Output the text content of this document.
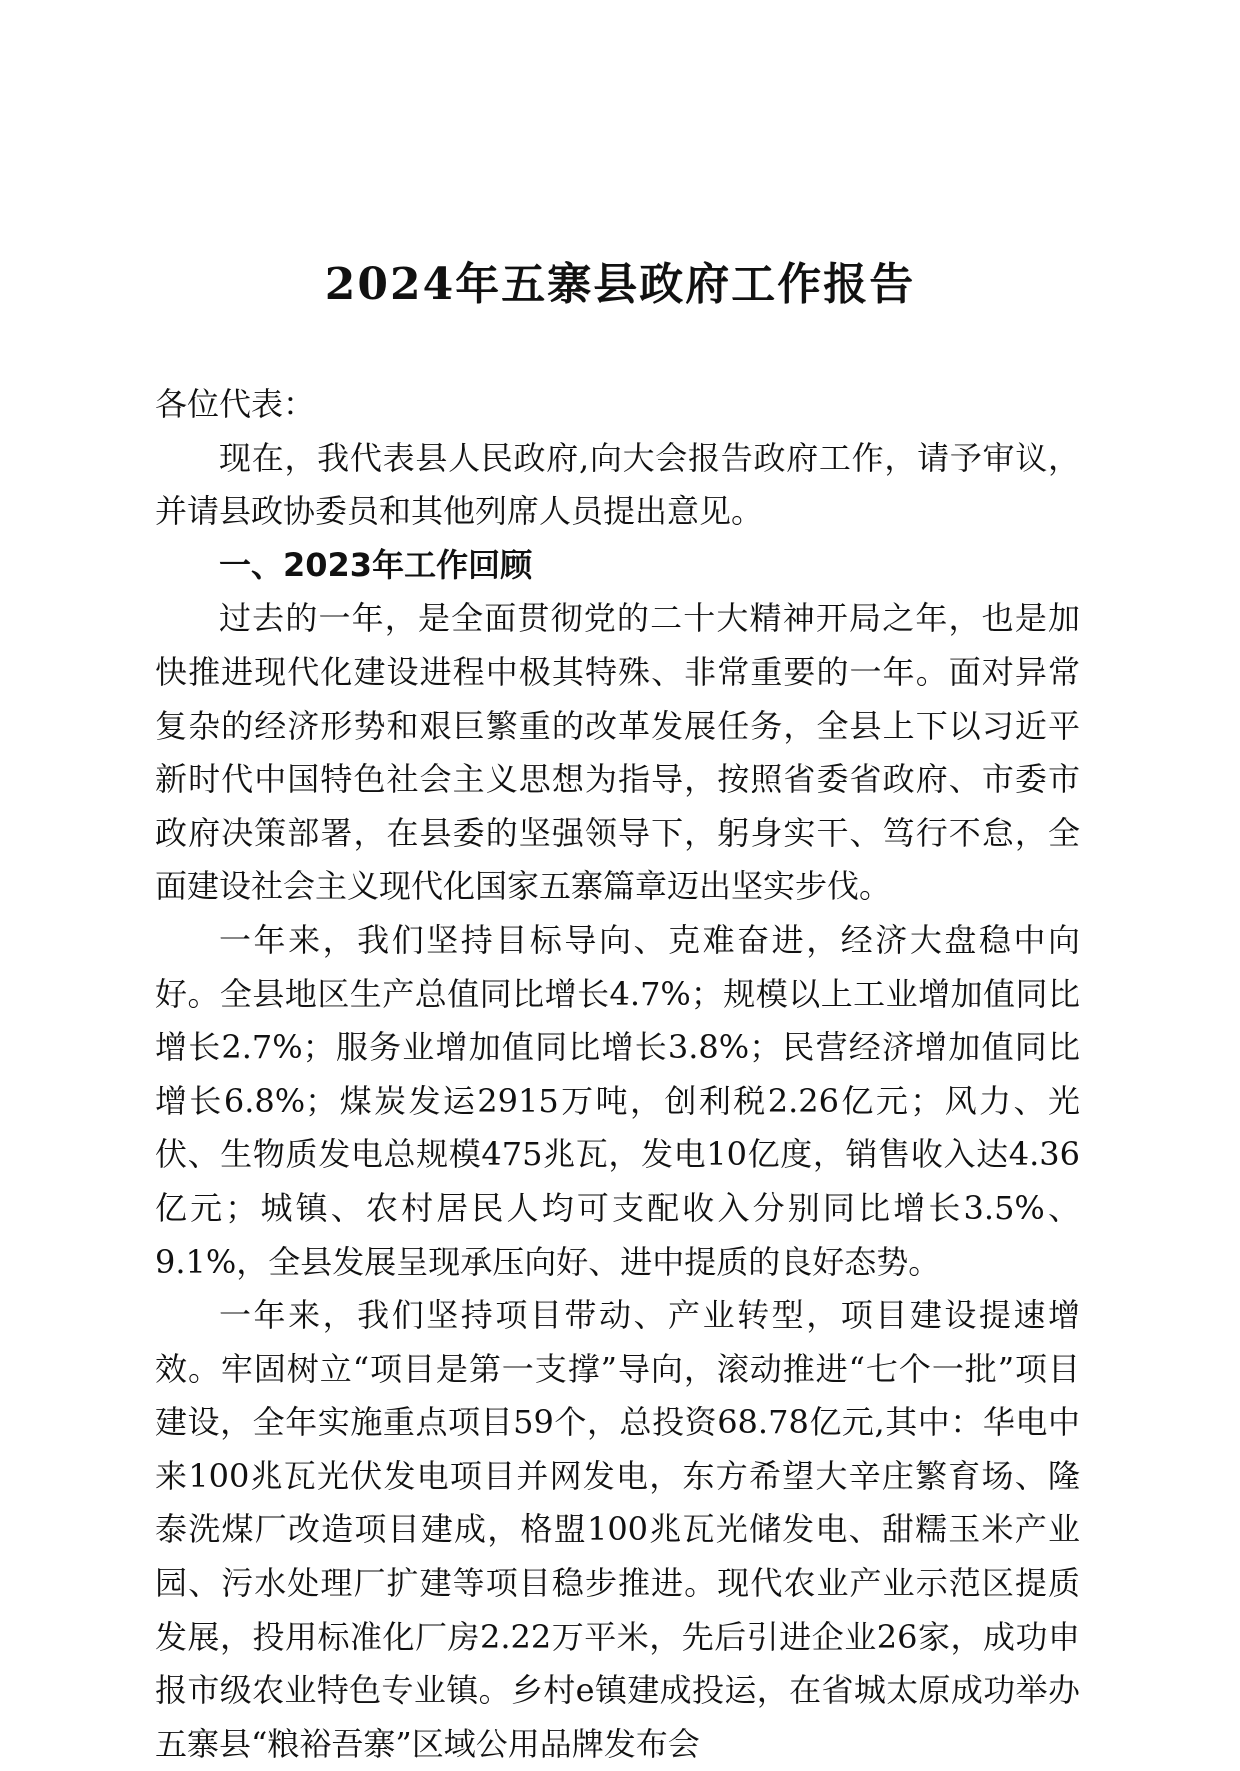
2024年五寨县政府工作报告

各位代表：

现在，我代表县人民政府,向大会报告政府工作，请予审议，并请县政协委员和其他列席人员提出意见。

一、2023年工作回顾

过去的一年，是全面贯彻党的二十大精神开局之年，也是加快推进现代化建设进程中极其特殊、非常重要的一年。面对异常复杂的经济形势和艰巨繁重的改革发展任务，全县上下以习近平新时代中国特色社会主义思想为指导，按照省委省政府、市委市政府决策部署，在县委的坚强领导下，躬身实干、笃行不怠，全面建设社会主义现代化国家五寨篇章迈出坚实步伐。

一年来，我们坚持目标导向、克难奋进，经济大盘稳中向好。全县地区生产总值同比增长4.7%；规模以上工业增加值同比增长2.7%；服务业增加值同比增长3.8%；民营经济增加值同比增长6.8%；煤炭发运2915万吨，创利税2.26亿元；风力、光伏、生物质发电总规模475兆瓦，发电10亿度，销售收入达4.36亿元；城镇、农村居民人均可支配收入分别同比增长3.5%、9.1%，全县发展呈现承压向好、进中提质的良好态势。

一年来，我们坚持项目带动、产业转型，项目建设提速增效。牢固树立“项目是第一支撑”导向，滚动推进“七个一批”项目建设，全年实施重点项目59个，总投资68.78亿元,其中：华电中来100兆瓦光伏发电项目并网发电，东方希望大辛庄繁育场、隆泰洗煤厂改造项目建成，格盟100兆瓦光储发电、甜糯玉米产业园、污水处理厂扩建等项目稳步推进。现代农业产业示范区提质发展，投用标准化厂房2.22万平米，先后引进企业26家，成功申报市级农业特色专业镇。乡村e镇建成投运，在省城太原成功举办五寨县“粮裕吾寨”区域公用品牌发布会
